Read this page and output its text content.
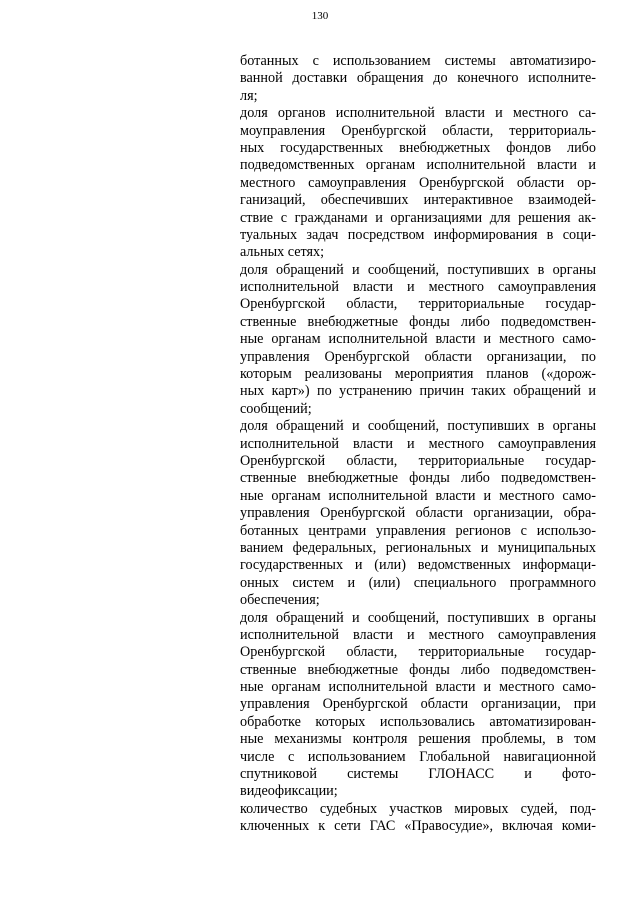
130
ботанных с использованием системы автоматизиро-
ванной доставки обращения до конечного исполните-
ля;
доля органов исполнительной власти и местного са-
моуправления Оренбургской области, территориаль-
ных государственных внебюджетных фондов либо
подведомственных органам исполнительной власти и
местного самоуправления Оренбургской области ор-
ганизаций, обеспечивших интерактивное взаимодей-
ствие с гражданами и организациями для решения ак-
туальных задач посредством информирования в соци-
альных сетях;
доля обращений и сообщений, поступивших в органы
исполнительной власти и местного самоуправления
Оренбургской области, территориальные государ-
ственные внебюджетные фонды либо подведомствен-
ные органам исполнительной власти и местного само-
управления Оренбургской области организации, по
которым реализованы мероприятия планов («дорож-
ных карт») по устранению причин таких обращений и
сообщений;
доля обращений и сообщений, поступивших в органы
исполнительной власти и местного самоуправления
Оренбургской области, территориальные государ-
ственные внебюджетные фонды либо подведомствен-
ные органам исполнительной власти и местного само-
управления Оренбургской области организации, обра-
ботанных центрами управления регионов с использо-
ванием федеральных, региональных и муниципальных
государственных и (или) ведомственных информаци-
онных систем и (или) специального программного
обеспечения;
доля обращений и сообщений, поступивших в органы
исполнительной власти и местного самоуправления
Оренбургской области, территориальные государ-
ственные внебюджетные фонды либо подведомствен-
ные органам исполнительной власти и местного само-
управления Оренбургской области организации, при
обработке которых использовались автоматизирован-
ные механизмы контроля решения проблемы, в том
числе с использованием Глобальной навигационной
спутниковой системы ГЛОНАСС и фото-
видеофиксации;
количество судебных участков мировых судей, под-
ключенных к сети ГАС «Правосудие», включая коми-
